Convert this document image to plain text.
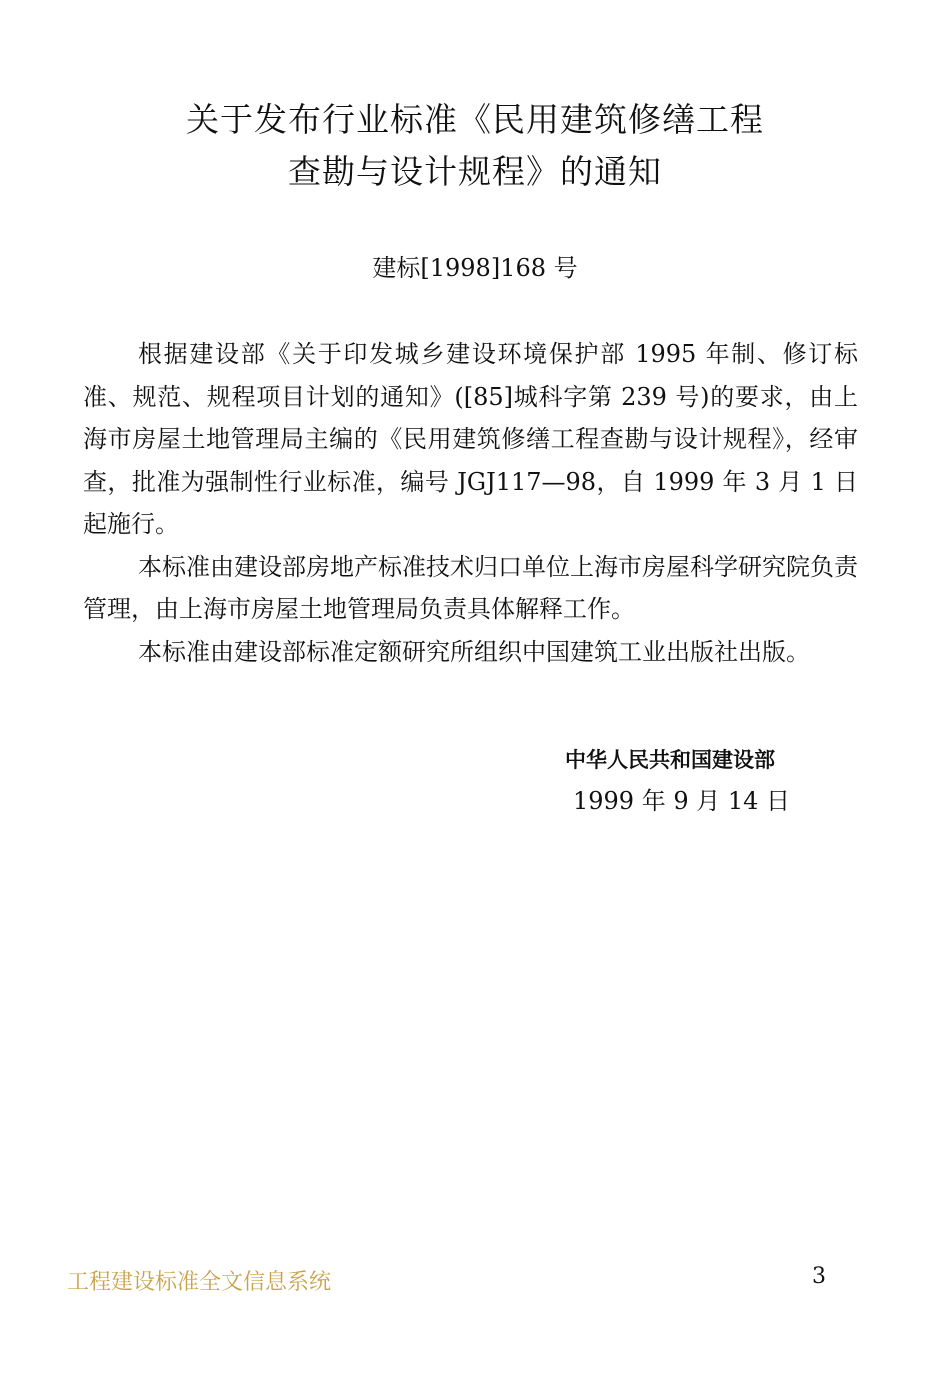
关于发布行业标准《民用建筑修缮工程
查勘与设计规程》的通知
建标[1998]168 号

根据建设部《关于印发城乡建设环境保护部 1995 年制、修订标准、规范、规程项目计划的通知》([85]城科字第 239 号)的要求，由上海市房屋土地管理局主编的《民用建筑修缮工程查勘与设计规程》，经审查，批准为强制性行业标准，编号 JGJ117—98，自 1999 年 3 月 1 日起施行。

本标准由建设部房地产标准技术归口单位上海市房屋科学研究院负责管理，由上海市房屋土地管理局负责具体解释工作。

本标准由建设部标准定额研究所组织中国建筑工业出版社出版。

中华人民共和国建设部
1999 年 9 月 14 日
工程建设标准全文信息系统	3
